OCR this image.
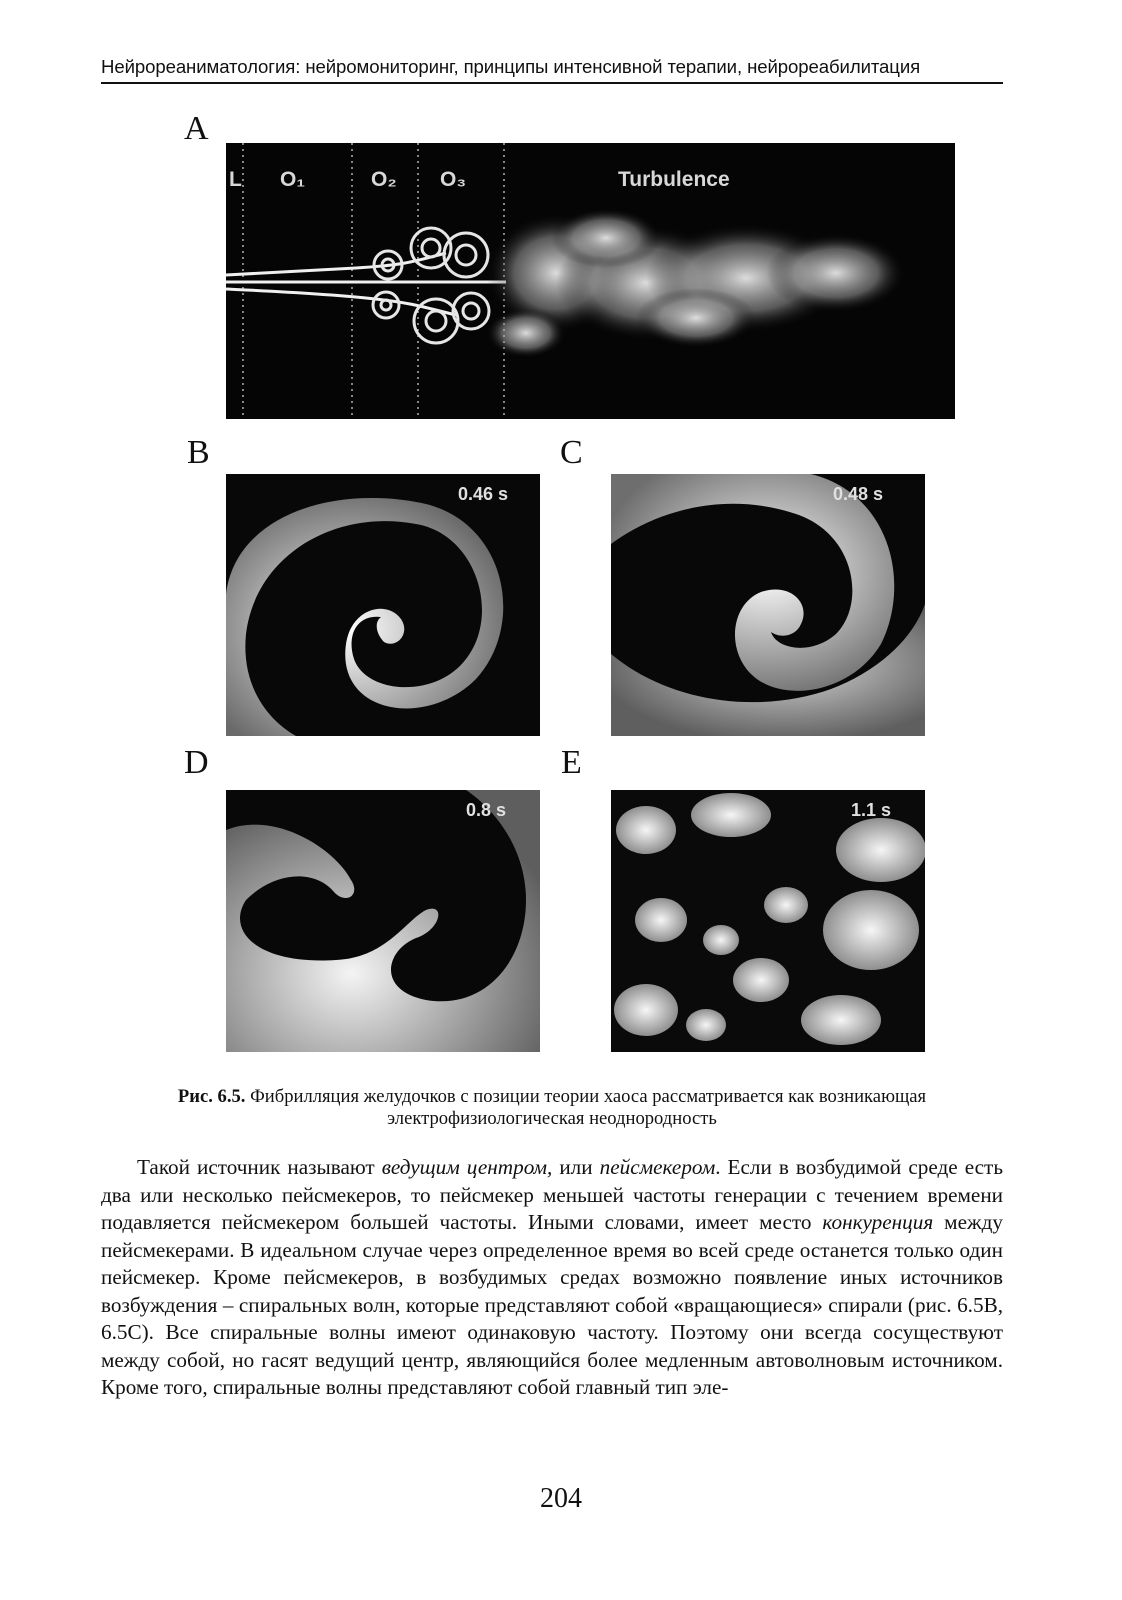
Нейрореаниматология: нейромониторинг, принципы интенсивной терапии, нейрореабилитация
A
B	C
D	E
L O₁	O₂ O₃	Turbulence
0.46 s	0.48 s
0.8 s	1.1 s
Рис. 6.5. Фибрилляция желудочков с позиции теории хаоса рассматривается как возникающая
электрофизиологическая неоднородность
Такой источник называют ведущим центром, или пейсмекером. Если в возбудимой среде есть два или несколько пейсмекеров, то пейсмекер меньшей частоты генерации с течением времени подавляется пейсмекером большей частоты. Иными словами, имеет место конкуренция между пейсмекерами. В идеальном случае через определенное время во всей среде останется только один пейсмекер. Кроме пейсмекеров, в возбудимых средах возможно появление иных источников возбуждения – спиральных волн, которые представляют собой «вращающиеся» спирали (рис. 6.5B, 6.5C). Все спиральные волны имеют одинаковую частоту. Поэтому они всегда сосуществуют между собой, но гасят ведущий центр, являющийся более медленным автоволновым источником. Кроме того, спиральные волны представляют собой главный тип эле-
204
